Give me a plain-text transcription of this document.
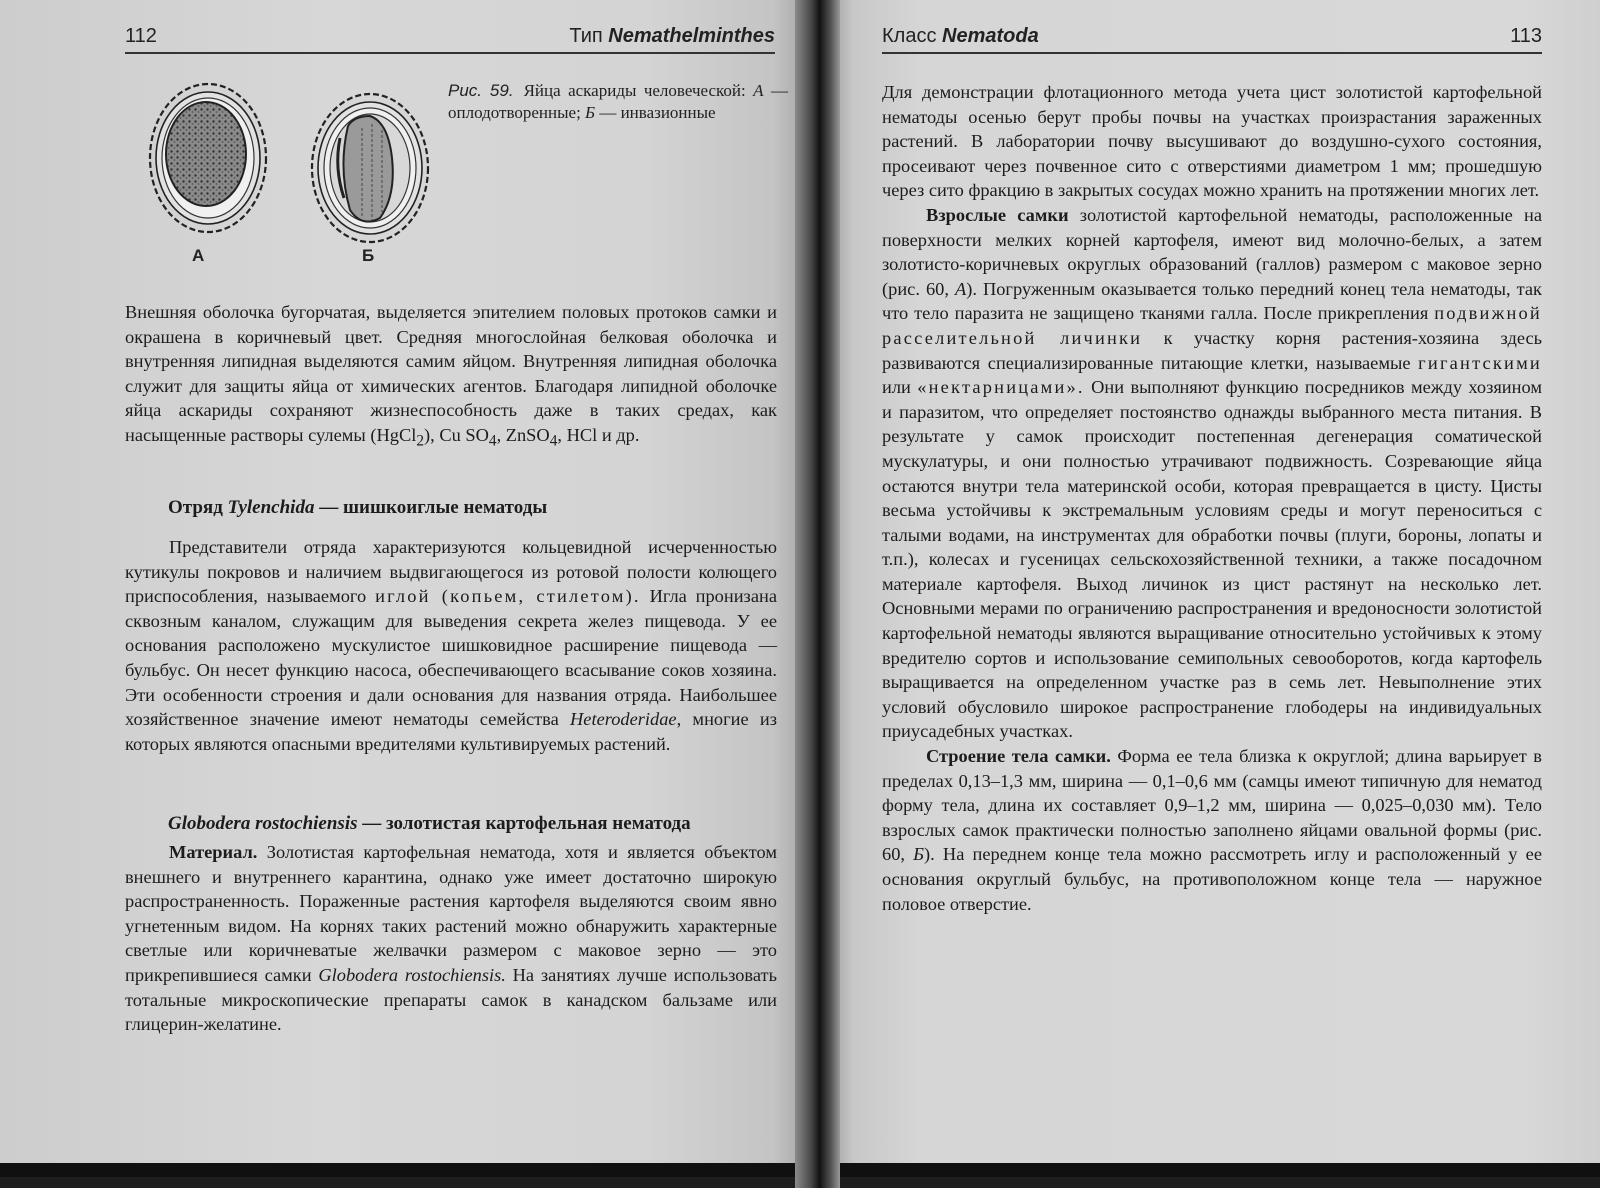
112	Тип Nemathelminthes
А	Б
Рис. 59. Яйца аскариды человеческой: А — оплодотворенные; Б — инвазионные

Внешняя оболочка бугорчатая, выделяется эпителием половых протоков самки и окрашена в коричневый цвет. Средняя многослойная белковая оболочка и внутренняя липидная выделяются самим яйцом. Внутренняя липидная оболочка служит для защиты яйца от химических агентов. Благодаря липидной оболочке яйца аскариды сохраняют жизнеспособность даже в таких средах, как насыщенные растворы сулемы (HgCl$_2$), Cu $SO_4$, ZnSO$_4$, HCl и др.

Отряд Tylenchida — шишкоиглые нематоды

Представители отряда характеризуются кольцевидной исчерченностью кутикулы покровов и наличием выдвигающегося из ротовой полости колющего приспособления, называемого иглой (копьем, стилетом). Игла пронизана сквозным каналом, служащим для выведения секрета желез пищевода. У ее основания расположено мускулистое шишковидное расширение пищевода — бульбус. Он несет функцию насоса, обеспечивающего всасывание соков хозяина. Эти особенности строения и дали основания для названия отряда. Наибольшее хозяйственное значение имеют нематоды семейства Heteroderidae, многие из которых являются опасными вредителями культивируемых растений.

Globodera rostochiensis — золотистая картофельная нематода

Материал. Золотистая картофельная нематода, хотя и является объектом внешнего и внутреннего карантина, однако уже имеет достаточно широкую распространенность. Пораженные растения картофеля выделяются своим явно угнетенным видом. На корнях таких растений можно обнаружить характерные светлые или коричневатые желвачки размером с маковое зерно — это прикрепившиеся самки Globodera rostochiensis. На занятиях лучше использовать тотальные микроскопические препараты самок в канадском бальзаме или глицерин-желатине.

Класс Nematoda	113

Для демонстрации флотационного метода учета цист золотистой картофельной нематоды осенью берут пробы почвы на участках произрастания зараженных растений. В лаборатории почву высушивают до воздушно-сухого состояния, просеивают через почвенное сито с отверстиями диаметром 1 мм; прошедшую через сито фракцию в закрытых сосудах можно хранить на протяжении многих лет.

Взрослые самки золотистой картофельной нематоды, расположенные на поверхности мелких корней картофеля, имеют вид молочно-белых, а затем золотисто-коричневых округлых образований (галлов) размером с маковое зерно (рис. 60, А). Погруженным оказывается только передний конец тела нематоды, так что тело паразита не защищено тканями галла. После прикрепления подвижной расселительной личинки к участку корня растения-хозяина здесь развиваются специализированные питающие клетки, называемые гигантскими или «нектарницами». Они выполняют функцию посредников между хозяином и паразитом, что определяет постоянство однажды выбранного места питания. В результате у самок происходит постепенная дегенерация соматической мускулатуры, и они полностью утрачивают подвижность. Созревающие яйца остаются внутри тела материнской особи, которая превращается в цисту. Цисты весьма устойчивы к экстремальным условиям среды и могут переноситься с талыми водами, на инструментах для обработки почвы (плуги, бороны, лопаты и т.п.), колесах и гусеницах сельскохозяйственной техники, а также посадочном материале картофеля. Выход личинок из цист растянут на несколько лет. Основными мерами по ограничению распространения и вредоносности золотистой картофельной нематоды являются выращивание относительно устойчивых к этому вредителю сортов и использование семипольных севооборотов, когда картофель выращивается на определенном участке раз в семь лет. Невыполнение этих условий обусловило широкое распространение глободеры на индивидуальных приусадебных участках.

Строение тела самки. Форма ее тела близка к округлой; длина варьирует в пределах 0,13–1,3 мм, ширина — 0,1–0,6 мм (самцы имеют типичную для нематод форму тела, длина их составляет 0,9–1,2 мм, ширина — 0,025–0,030 мм). Тело взрослых самок практически полностью заполнено яйцами овальной формы (рис. 60, Б). На переднем конце тела можно рассмотреть иглу и расположенный у ее основания округлый бульбус, на противоположном конце тела — наружное половое отверстие.
